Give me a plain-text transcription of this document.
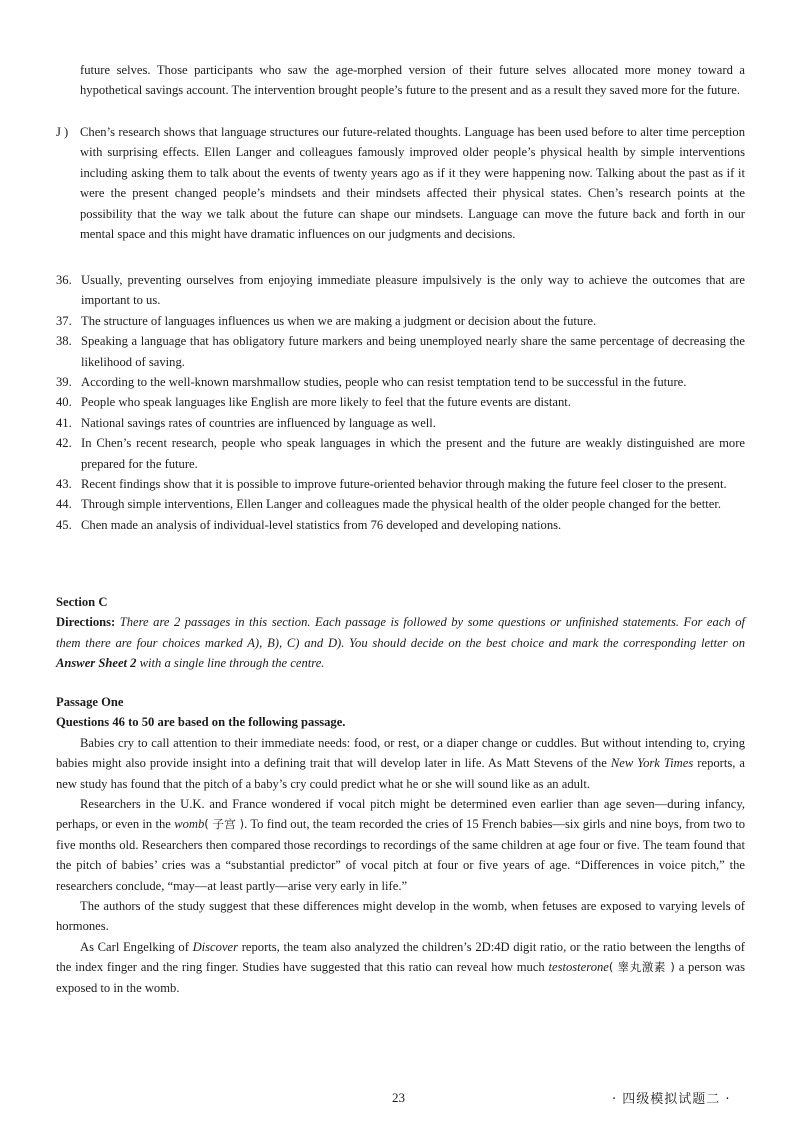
future selves. Those participants who saw the age-morphed version of their future selves allocated more money toward a hypothetical savings account. The intervention brought people’s future to the present and as a result they saved more for the future.
J ) Chen’s research shows that language structures our future-related thoughts. Language has been used before to alter time perception with surprising effects. Ellen Langer and colleagues famously improved older people’s physical health by simple interventions including asking them to talk about the events of twenty years ago as if it they were happening now. Talking about the past as if it were the present changed people’s mindsets and their mindsets affected their physical states. Chen’s research points at the possibility that the way we talk about the future can shape our mindsets. Language can move the future back and forth in our mental space and this might have dramatic influences on our judgments and decisions.
36. Usually, preventing ourselves from enjoying immediate pleasure impulsively is the only way to achieve the outcomes that are important to us.
37. The structure of languages influences us when we are making a judgment or decision about the future.
38. Speaking a language that has obligatory future markers and being unemployed nearly share the same percentage of decreasing the likelihood of saving.
39. According to the well-known marshmallow studies, people who can resist temptation tend to be successful in the future.
40. People who speak languages like English are more likely to feel that the future events are distant.
41. National savings rates of countries are influenced by language as well.
42. In Chen’s recent research, people who speak languages in which the present and the future are weakly distinguished are more prepared for the future.
43. Recent findings show that it is possible to improve future-oriented behavior through making the future feel closer to the present.
44. Through simple interventions, Ellen Langer and colleagues made the physical health of the older people changed for the better.
45. Chen made an analysis of individual-level statistics from 76 developed and developing nations.
Section C
Directions: There are 2 passages in this section. Each passage is followed by some questions or unfinished statements. For each of them there are four choices marked A), B), C) and D). You should decide on the best choice and mark the corresponding letter on Answer Sheet 2 with a single line through the centre.
Passage One
Questions 46 to 50 are based on the following passage.

Babies cry to call attention to their immediate needs: food, or rest, or a diaper change or cuddles. But without intending to, crying babies might also provide insight into a defining trait that will develop later in life. As Matt Stevens of the New York Times reports, a new study has found that the pitch of a baby’s cry could predict what he or she will sound like as an adult.

Researchers in the U.K. and France wondered if vocal pitch might be determined even earlier than age seven—during infancy, perhaps, or even in the womb( 子宫 ). To find out, the team recorded the cries of 15 French babies—six girls and nine boys, from two to five months old. Researchers then compared those recordings to recordings of the same children at age four or five. The team found that the pitch of babies’ cries was a “substantial predictor” of vocal pitch at four or five years of age. “Differences in voice pitch,” the researchers conclude, “may—at least partly—arise very early in life.”

The authors of the study suggest that these differences might develop in the womb, when fetuses are exposed to varying levels of hormones.

As Carl Engelking of Discover reports, the team also analyzed the children’s 2D:4D digit ratio, or the ratio between the lengths of the index finger and the ring finger. Studies have suggested that this ratio can reveal how much testosterone( 睾丸激素 ) a person was exposed to in the womb.

23	· 四级模拟试题二 ·
